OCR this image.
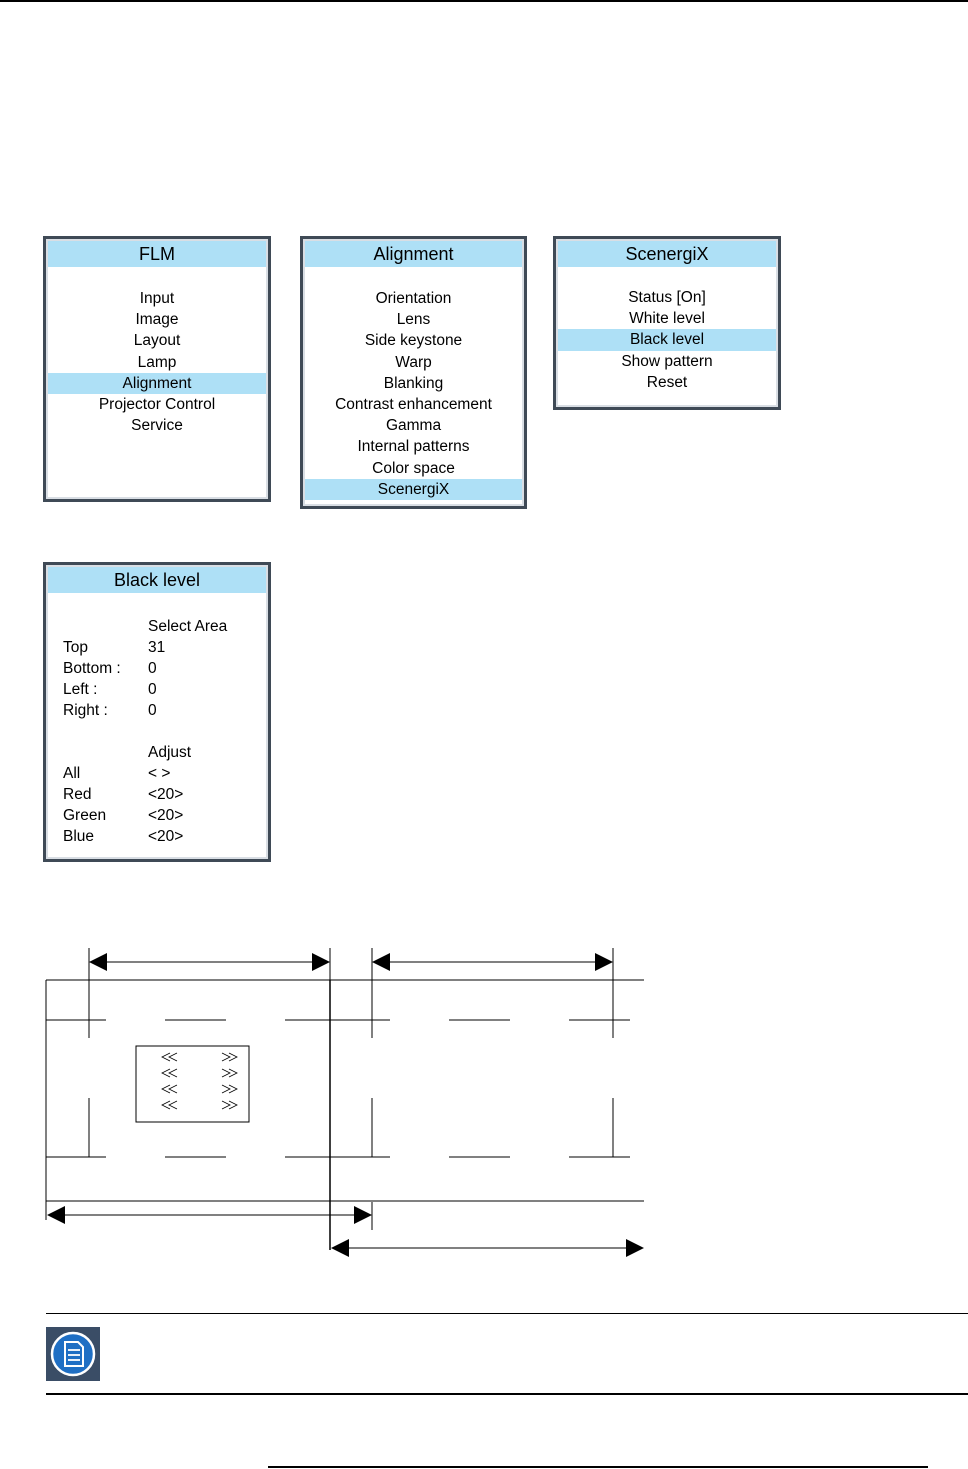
FLM
Input
Image
Layout
Lamp
Alignment
Projector Control
Service
Alignment
Orientation
Lens
Side keystone
Warp
Blanking
Contrast enhancement
Gamma
Internal patterns
Color space
ScenergiX
ScenergiX
Status [On]
White level
Black level
Show pattern
Reset
Black level
Select Area
Top	31
Bottom : 0
Left :	0
Right :	0
Adjust
All	< >
Red	<20>
Green	<20>
Blue	<20>
